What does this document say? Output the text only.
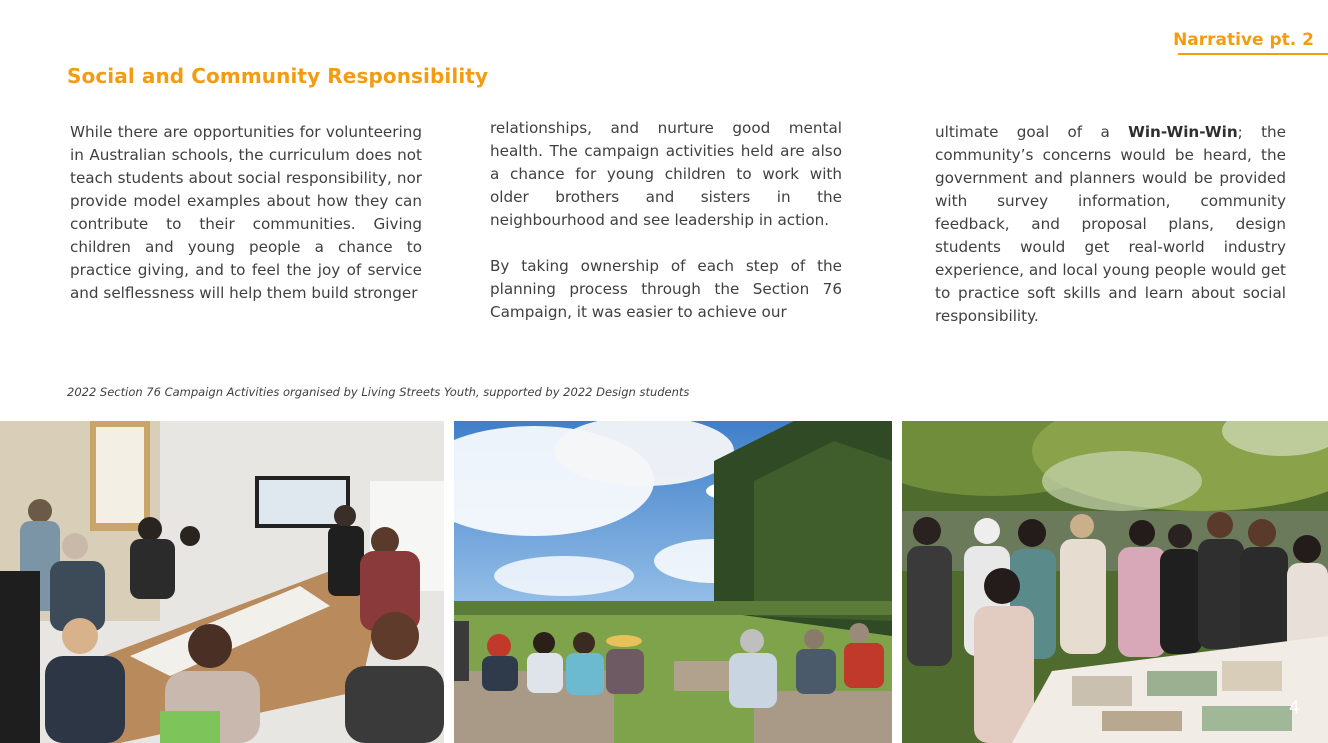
Narrative pt. 2
Social and Community Responsibility

While there are opportunities for volunteering in Australian schools, the curriculum does not teach students about social responsibility, nor provide model examples about how they can contribute to their communities. Giving children and young people a chance to practice giving, and to feel the joy of service and selflessness will help them build stronger

relationships, and nurture good mental health. The campaign activities held are also a chance for young children to work with older brothers and sisters in the neighbourhood and see leadership in action.

By taking ownership of each step of the planning process through the Section 76 Campaign, it was easier to achieve our

ultimate goal of a Win-Win-Win; the community’s concerns would be heard, the government and planners would be provided with survey information, community feedback, and proposal plans, design students would get real-world industry experience, and local young people would get to practice soft skills and learn about social responsibility.

2022 Section 76 Campaign Activities organised by Living Streets Youth, supported by 2022 Design students
4
